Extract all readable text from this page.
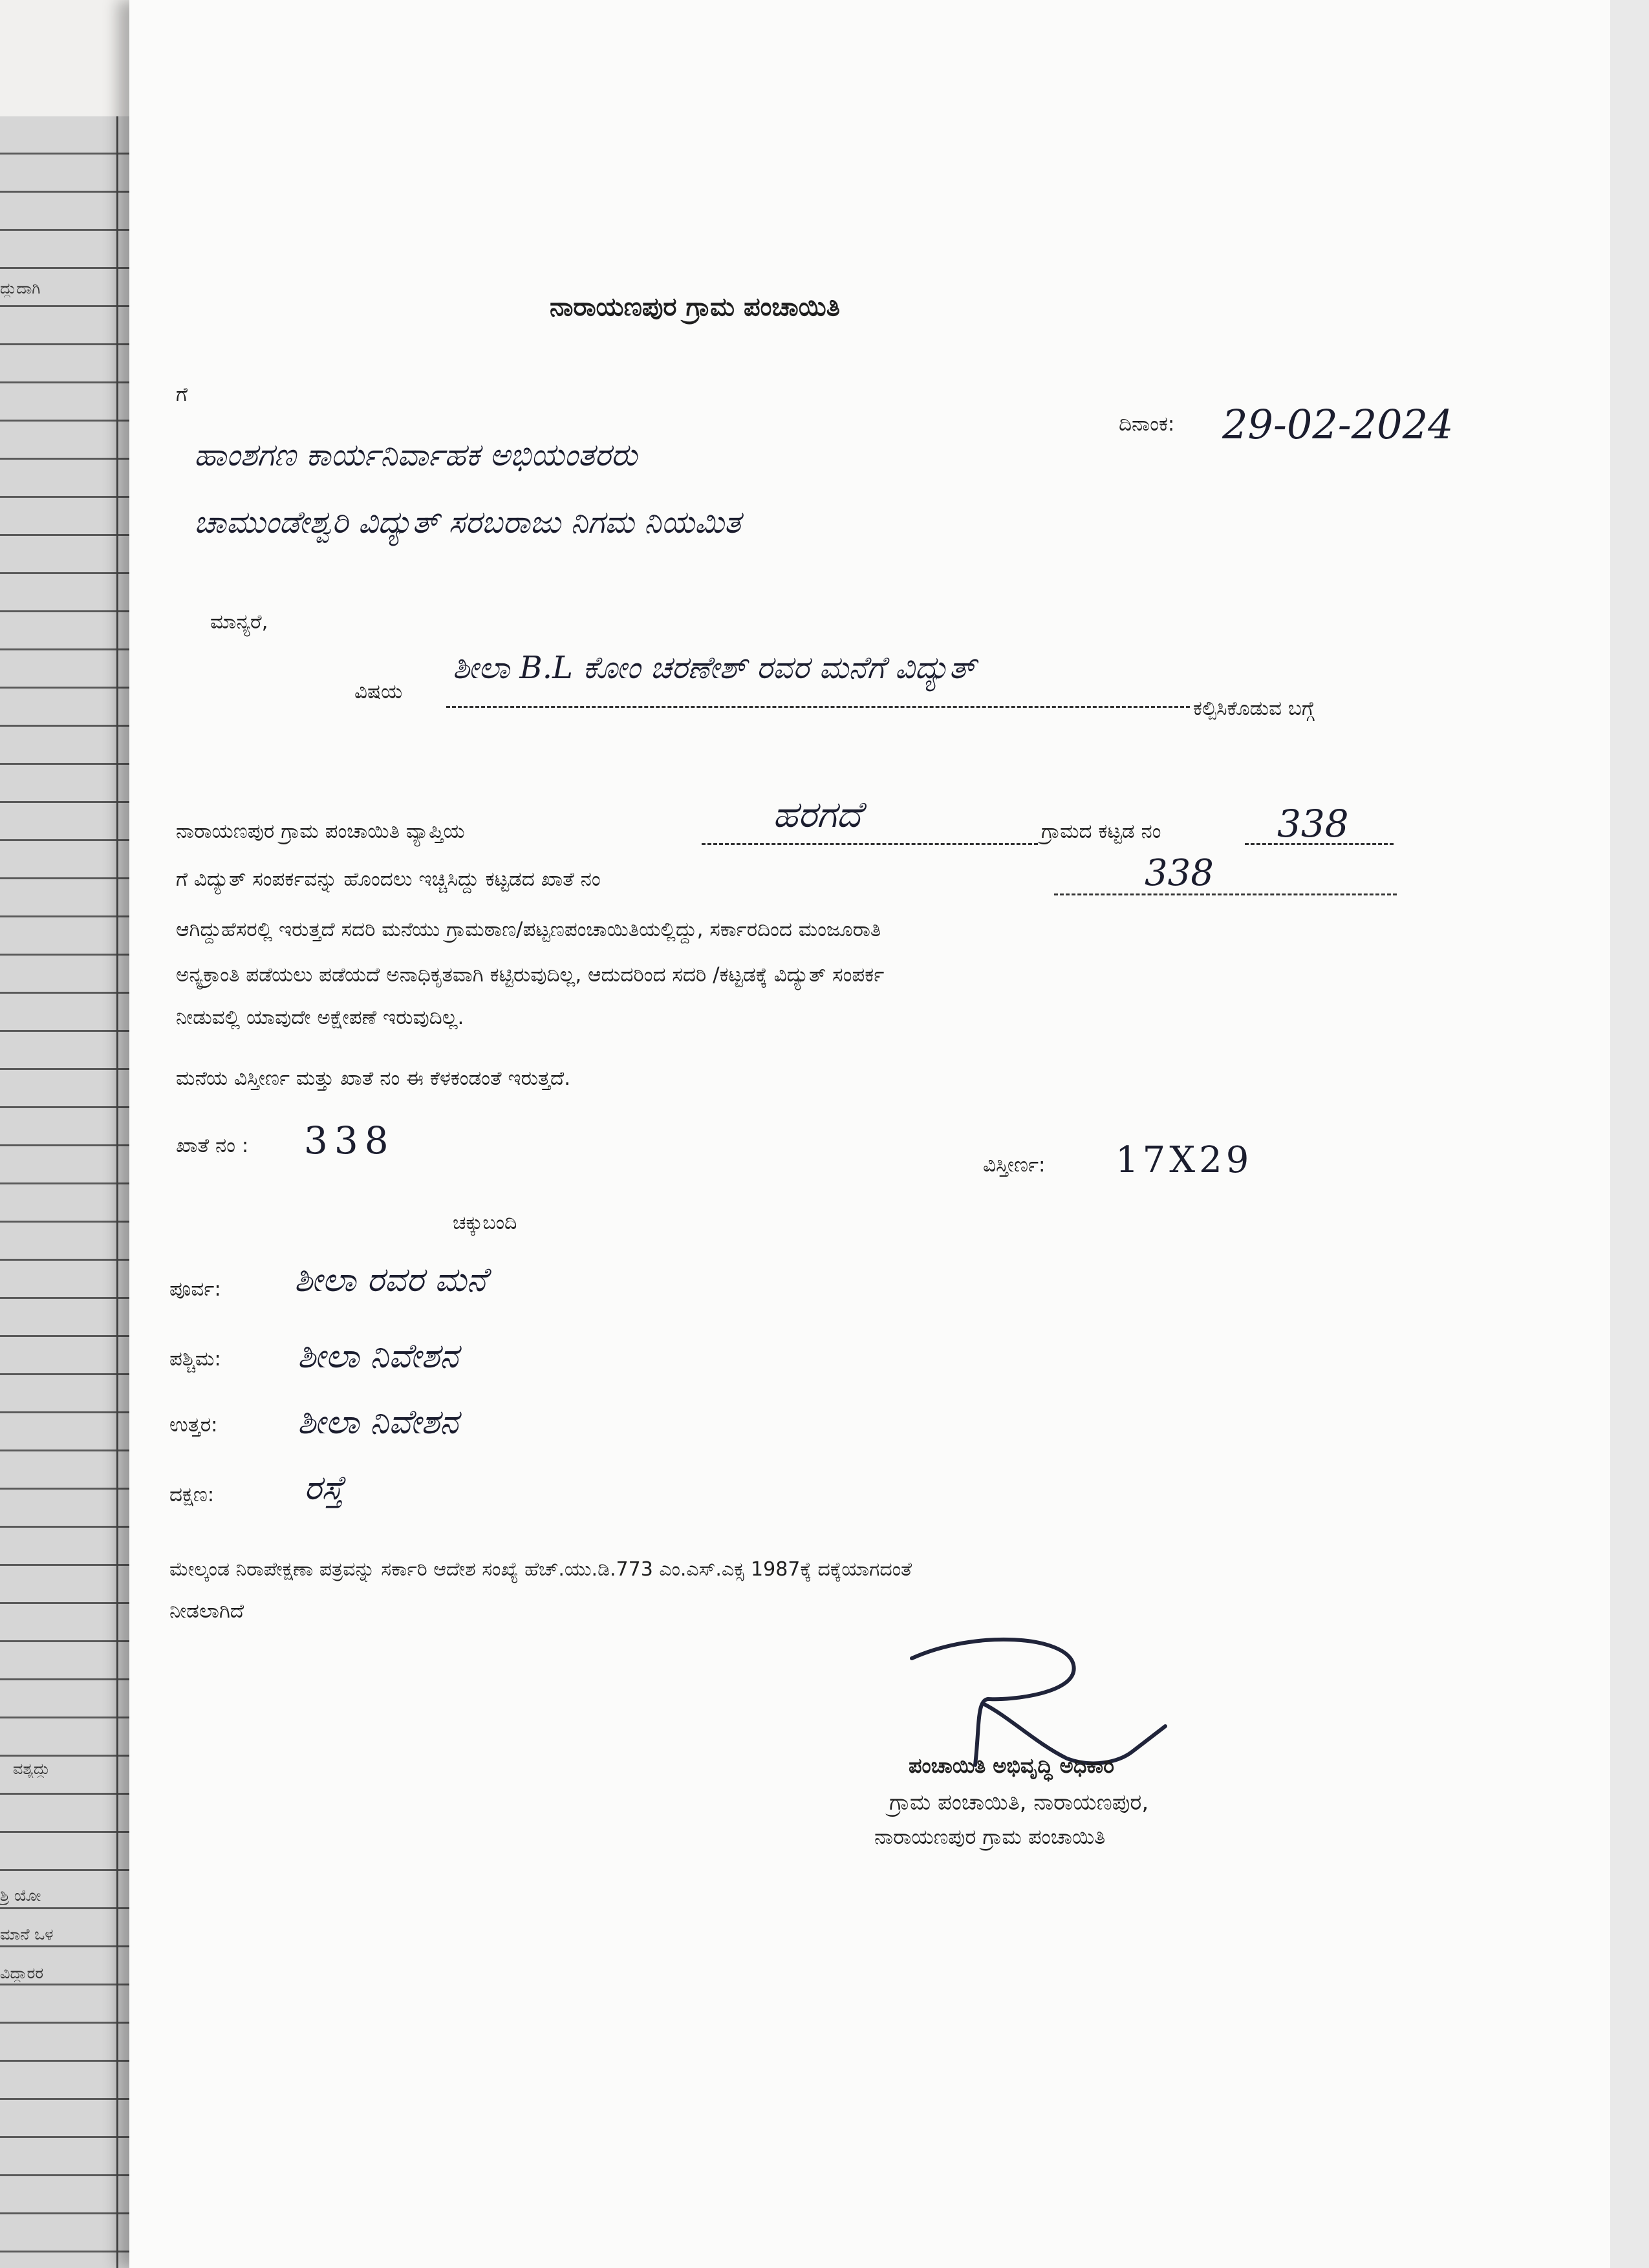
ದ್ದುದಾಗಿ
ವಶ್ಯದ್ದು
ಶ್ರಿ ಯೋ
ಮಾನೆ ಒಳ
ವಿದ್ದಾರರ
ನಾರಾಯಣಪುರ ಗ್ರಾಮ ಪಂಚಾಯಿತಿ
ಗೆ
ದಿನಾಂಕ: 29-02-2024
ಹಾಂಶಗಣ ಕಾರ್ಯನಿರ್ವಾಹಕ ಅಭಿಯಂತರರು
ಚಾಮುಂಡೇಶ್ವರಿ ವಿದ್ಯುತ್ ಸರಬರಾಜು ನಿಗಮ ನಿಯಮಿತ
ಮಾನ್ಯರೆ,
ವಿಷಯ
ಶೀಲಾ B.L ಕೋಂ ಚರಣೇಶ್ ರವರ ಮನೆಗೆ ವಿದ್ಯುತ್
ಕಲ್ಪಿಸಿಕೊಡುವ ಬಗ್ಗೆ
ನಾರಾಯಣಪುರ ಗ್ರಾಮ ಪಂಚಾಯಿತಿ ವ್ಯಾಪ್ತಿಯ	ಹರಗದೆ	ಗ್ರಾಮದ ಕಟ್ಟಡ ನಂ	338
ಗೆ ವಿದ್ಯುತ್ ಸಂಪರ್ಕವನ್ನು ಹೊಂದಲು ಇಚ್ಚಿಸಿದ್ದು ಕಟ್ಟಡದ ಖಾತೆ ನಂ	338
ಆಗಿದ್ದುಹೆಸರಲ್ಲಿ ಇರುತ್ತದೆ ಸದರಿ ಮನೆಯು ಗ್ರಾಮಠಾಣ/ಪಟ್ಟಣಪಂಚಾಯಿತಿಯಲ್ಲಿದ್ದು, ಸರ್ಕಾರದಿಂದ ಮಂಜೂರಾತಿ
ಅನ್ಯಕ್ರಾಂತಿ ಪಡೆಯಲು ಪಡೆಯದೆ ಅನಾಧಿಕೃತವಾಗಿ ಕಟ್ಟಿರುವುದಿಲ್ಲ, ಆದುದರಿಂದ ಸದರಿ /ಕಟ್ಟಡಕ್ಕೆ ವಿದ್ಯುತ್ ಸಂಪರ್ಕ
ನೀಡುವಲ್ಲಿ ಯಾವುದೇ ಅಕ್ಷೇಪಣೆ ಇರುವುದಿಲ್ಲ.
ಮನೆಯ ವಿಸ್ತೀರ್ಣ ಮತ್ತು ಖಾತೆ ನಂ ಈ ಕೆಳಕಂಡಂತೆ ಇರುತ್ತದೆ.
ಖಾತೆ ನಂ : 338
ವಿಸ್ತೀರ್ಣ: 17X29
ಚಕ್ಕುಬಂದಿ
ಪೂರ್ವ: ಶೀಲಾ ರವರ ಮನೆ
ಪಶ್ಚಿಮ: ಶೀಲಾ ನಿವೇಶನ
ಉತ್ತರ: ಶೀಲಾ ನಿವೇಶನ
ದಕ್ಷಣ:	ರಸ್ತೆ
ಮೇಲ್ಕಂಡ ನಿರಾಪೇಕ್ಷಣಾ ಪತ್ರವನ್ನು ಸರ್ಕಾರಿ ಆದೇಶ ಸಂಖ್ಯೆ ಹೆಚ್.ಯು.ಡಿ.773 ಎಂ.ಎಸ್.ಎಕ್ಸ 1987ಕ್ಕೆ ದಕ್ಕೆಯಾಗದಂತೆ
ನೀಡಲಾಗಿದೆ
ಪಂಚಾಯಿತಿ ಅಭಿವೃದ್ಧಿ ಅಧಿಕಾರಿ
ಗ್ರಾಮ ಪಂಚಾಯಿತಿ, ನಾರಾಯಣಪುರ,
ನಾರಾಯಣಪುರ ಗ್ರಾಮ ಪಂಚಾಯಿತಿ
